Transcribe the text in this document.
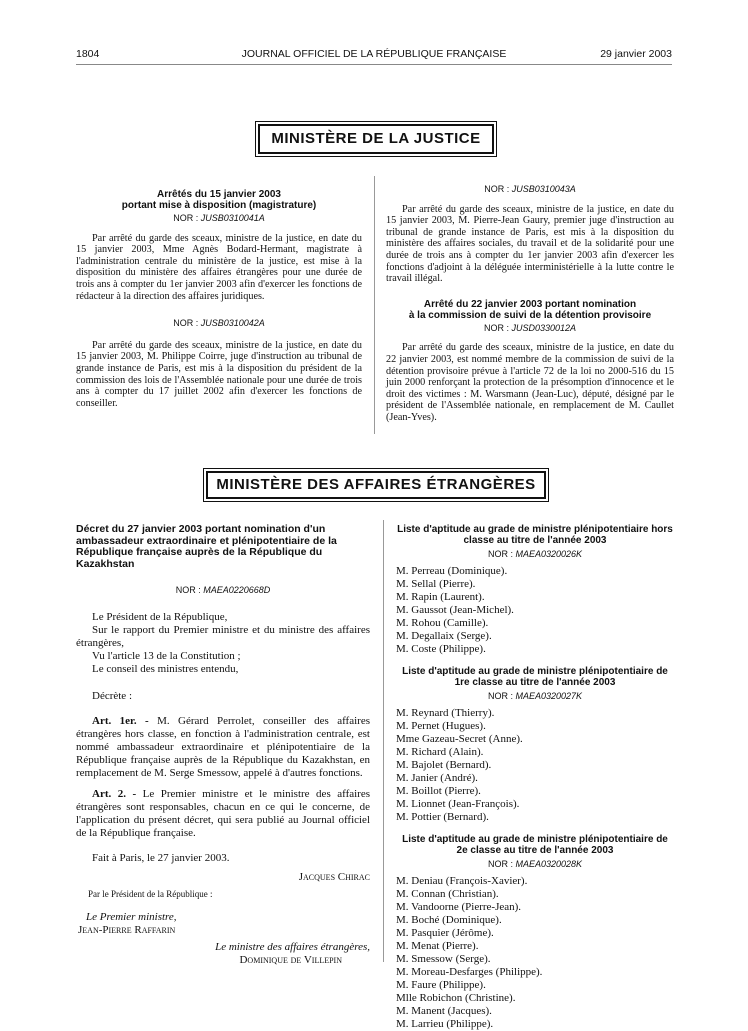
1804	JOURNAL OFFICIEL DE LA RÉPUBLIQUE FRANÇAISE	29 janvier 2003
MINISTÈRE DE LA JUSTICE
Arrêtés du 15 janvier 2003
portant mise à disposition (magistrature)
NOR : JUSB0310041A

Par arrêté du garde des sceaux, ministre de la justice, en date du 15 janvier 2003, Mme Agnès Bodard-Hermant, magistrate à l'administration centrale du ministère de la justice, est mise à la disposition du ministère des affaires étrangères pour une durée de trois ans à compter du 1er janvier 2003 afin d'exercer les fonctions de rédacteur à la direction des affaires juridiques.

NOR : JUSB0310042A

Par arrêté du garde des sceaux, ministre de la justice, en date du 15 janvier 2003, M. Philippe Coirre, juge d'instruction au tribunal de grande instance de Paris, est mis à la disposition du président de la commission des lois de l'Assemblée nationale pour une durée de trois ans à compter du 17 juillet 2002 afin d'exercer les fonctions de conseiller.

NOR : JUSB0310043A

Par arrêté du garde des sceaux, ministre de la justice, en date du 15 janvier 2003, M. Pierre-Jean Gaury, premier juge d'instruction au tribunal de grande instance de Paris, est mis à la disposition du ministère des affaires sociales, du travail et de la solidarité pour une durée de trois ans à compter du 1er janvier 2003 afin d'exercer les fonctions d'adjoint à la déléguée interministérielle à la lutte contre le travail illégal.

Arrêté du 22 janvier 2003 portant nomination
à la commission de suivi de la détention provisoire
NOR : JUSD0330012A

Par arrêté du garde des sceaux, ministre de la justice, en date du 22 janvier 2003, est nommé membre de la commission de suivi de la détention provisoire prévue à l'article 72 de la loi no 2000-516 du 15 juin 2000 renforçant la protection de la présomption d'innocence et le droit des victimes : M. Warsmann (Jean-Luc), député, désigné par le président de l'Assemblée nationale, en remplacement de M. Caullet (Jean-Yves).

MINISTÈRE DES AFFAIRES ÉTRANGÈRES
Décret du 27 janvier 2003 portant nomination d'un ambassadeur extraordinaire et plénipotentiaire de la République française auprès de la République du Kazakhstan
NOR : MAEA0220668D

Le Président de la République,

Sur le rapport du Premier ministre et du ministre des affaires étrangères,

Vu l'article 13 de la Constitution ;

Le conseil des ministres entendu,

Décrète :

Art. 1er. - M. Gérard Perrolet, conseiller des affaires étrangères hors classe, en fonction à l'administration centrale, est nommé ambassadeur extraordinaire et plénipotentiaire de la République française auprès de la République du Kazakhstan, en remplacement de M. Serge Smessow, appelé à d'autres fonctions.

Art. 2. - Le Premier ministre et le ministre des affaires étrangères sont responsables, chacun en ce qui le concerne, de l'application du présent décret, qui sera publié au Journal officiel de la République française.

Fait à Paris, le 27 janvier 2003.

Jacques Chirac
Par le Président de la République :
Le Premier ministre,
Jean-Pierre Raffarin
Le ministre des affaires étrangères,
Dominique de Villepin
Liste d'aptitude au grade de ministre plénipotentiaire hors classe au titre de l'année 2003
NOR : MAEA0320026K
M. Perreau (Dominique).
M. Sellal (Pierre).
M. Rapin (Laurent).
M. Gaussot (Jean-Michel).
M. Rohou (Camille).
M. Degallaix (Serge).
M. Coste (Philippe).
Liste d'aptitude au grade de ministre plénipotentiaire de 1re classe au titre de l'année 2003
NOR : MAEA0320027K
M. Reynard (Thierry).
M. Pernet (Hugues).
Mme Gazeau-Secret (Anne).
M. Richard (Alain).
M. Bajolet (Bernard).
M. Janier (André).
M. Boillot (Pierre).
M. Lionnet (Jean-François).
M. Pottier (Bernard).
Liste d'aptitude au grade de ministre plénipotentiaire de 2e classe au titre de l'année 2003
NOR : MAEA0320028K
M. Deniau (François-Xavier).
M. Connan (Christian).
M. Vandoorne (Pierre-Jean).
M. Boché (Dominique).
M. Pasquier (Jérôme).
M. Menat (Pierre).
M. Smessow (Serge).
M. Moreau-Desfarges (Philippe).
M. Faure (Philippe).
Mlle Robichon (Christine).
M. Manent (Jacques).
M. Larrieu (Philippe).
